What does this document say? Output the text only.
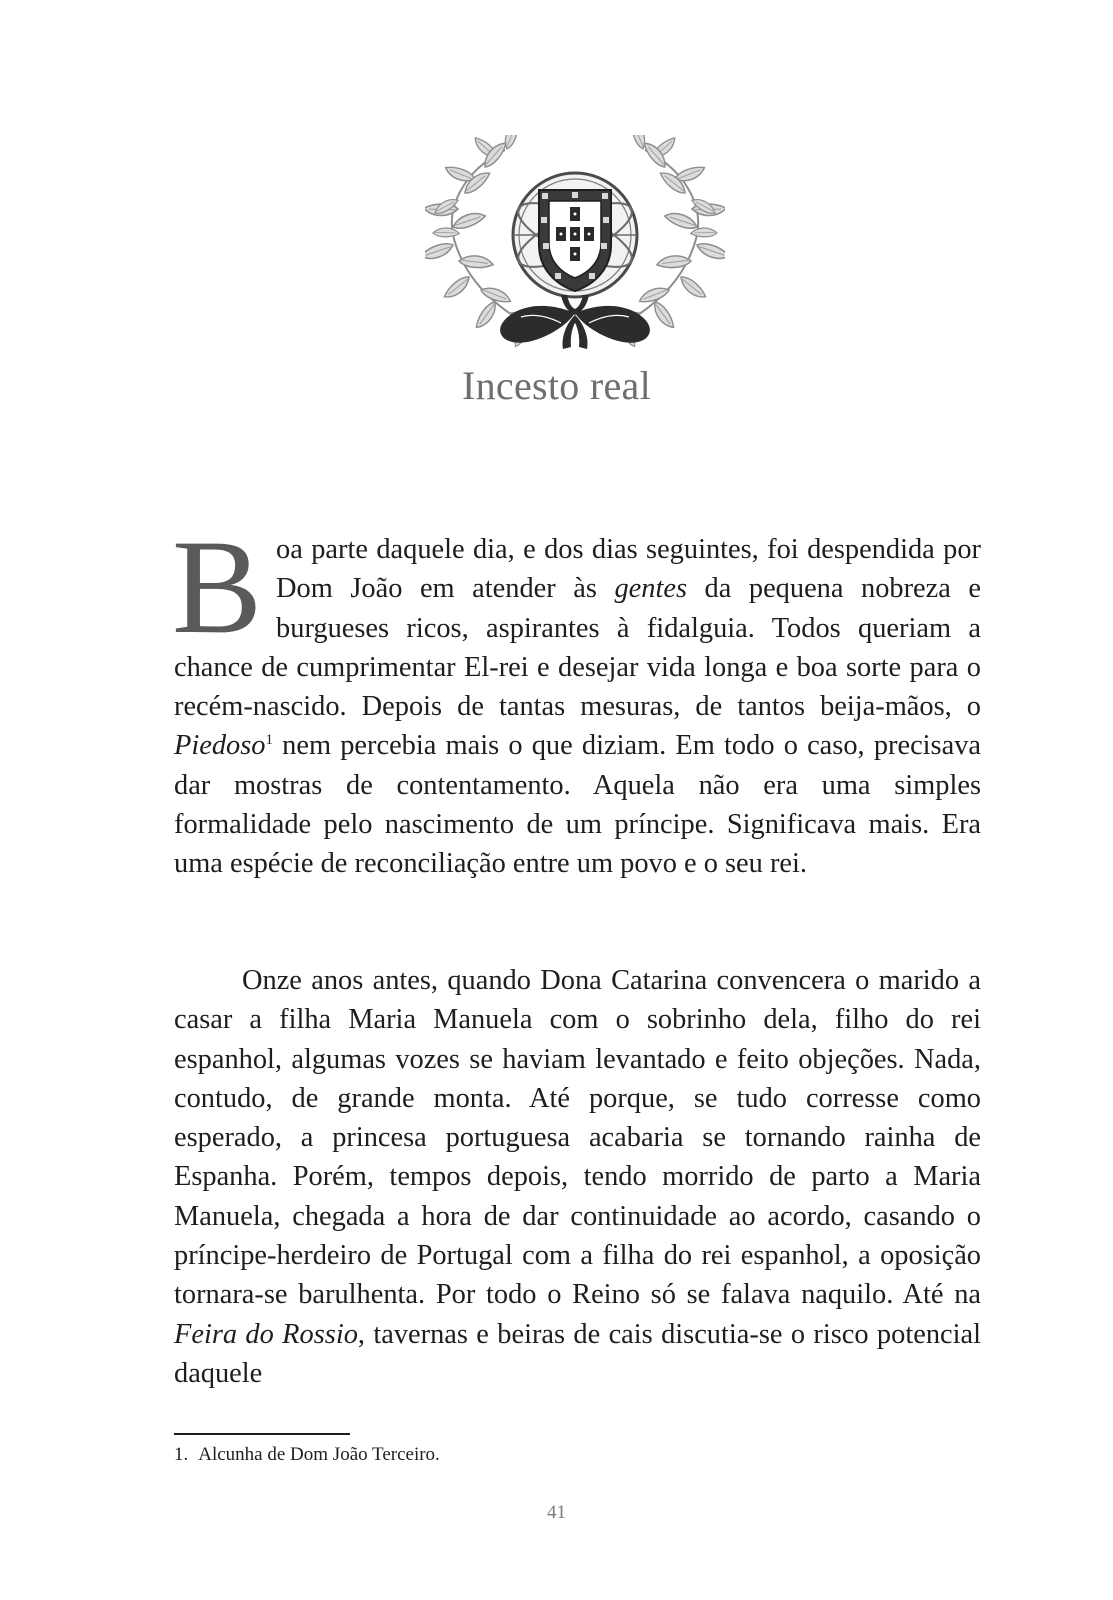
Incesto real
Boa parte daquele dia, e dos dias seguintes, foi despendida por Dom João em atender às gentes da pequena nobreza e burgueses ricos, aspirantes à fidalguia. Todos queriam a chance de cumprimentar El-rei e desejar vida longa e boa sorte para o recém-nascido. Depois de tantas mesuras, de tantos beija-mãos, o Piedoso$^1$ nem percebia mais o que diziam. Em todo o caso, precisava dar mostras de contentamento. Aquela não era uma simples formalidade pelo nascimento de um príncipe. Significava mais. Era uma espécie de reconciliação entre um povo e o seu rei.
Onze anos antes, quando Dona Catarina convencera o marido a casar a filha Maria Manuela com o sobrinho dela, filho do rei espanhol, algumas vozes se haviam levantado e feito objeções. Nada, contudo, de grande monta. Até porque, se tudo corresse como esperado, a princesa portuguesa acabaria se tornando rainha de Espanha. Porém, tempos depois, tendo morrido de parto a Maria Manuela, chegada a hora de dar continuidade ao acordo, casando o príncipe-herdeiro de Portugal com a filha do rei espanhol, a oposição tornara-se barulhenta. Por todo o Reino só se falava naquilo. Até na Feira do Rossio, tavernas e beiras de cais discutia-se o risco potencial daquele
1. Alcunha de Dom João Terceiro.
41
